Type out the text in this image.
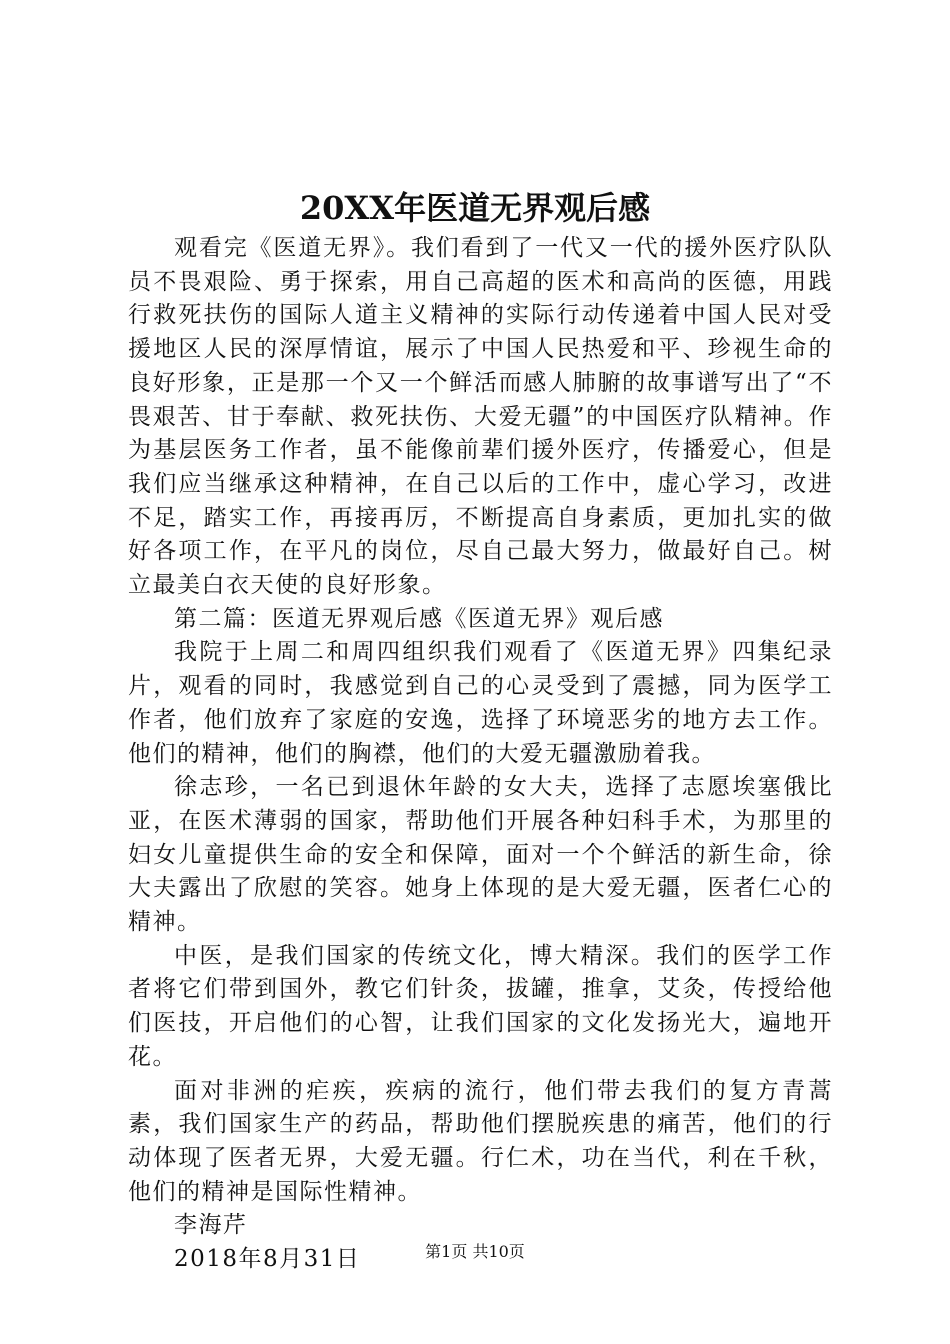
20XX年医道无界观后感

观看完《医道无界》。我们看到了一代又一代的援外医疗队队员不畏艰险、勇于探索，用自己高超的医术和高尚的医德，用践行救死扶伤的国际人道主义精神的实际行动传递着中国人民对受援地区人民的深厚情谊，展示了中国人民热爱和平、珍视生命的良好形象，正是那一个又一个鲜活而感人肺腑的故事谱写出了“不畏艰苦、甘于奉献、救死扶伤、大爱无疆”的中国医疗队精神。作为基层医务工作者，虽不能像前辈们援外医疗，传播爱心，但是我们应当继承这种精神，在自己以后的工作中，虚心学习，改进不足，踏实工作，再接再厉，不断提高自身素质，更加扎实的做好各项工作，在平凡的岗位，尽自己最大努力，做最好自己。树立最美白衣天使的良好形象。

第二篇：医道无界观后感《医道无界》观后感

我院于上周二和周四组织我们观看了《医道无界》四集纪录片，观看的同时，我感觉到自己的心灵受到了震撼，同为医学工作者，他们放弃了家庭的安逸，选择了环境恶劣的地方去工作。他们的精神，他们的胸襟，他们的大爱无疆激励着我。

徐志珍，一名已到退休年龄的女大夫，选择了志愿埃塞俄比亚，在医术薄弱的国家，帮助他们开展各种妇科手术，为那里的妇女儿童提供生命的安全和保障，面对一个个鲜活的新生命，徐大夫露出了欣慰的笑容。她身上体现的是大爱无疆，医者仁心的精神。

中医，是我们国家的传统文化，博大精深。我们的医学工作者将它们带到国外，教它们针灸，拔罐，推拿，艾灸，传授给他们医技，开启他们的心智，让我们国家的文化发扬光大，遍地开花。

面对非洲的疟疾，疾病的流行，他们带去我们的复方青蒿素，我们国家生产的药品，帮助他们摆脱疾患的痛苦，他们的行动体现了医者无界，大爱无疆。行仁术，功在当代，利在千秋，他们的精神是国际性精神。

李海芹

2018年8月31日	第1页 共10页
